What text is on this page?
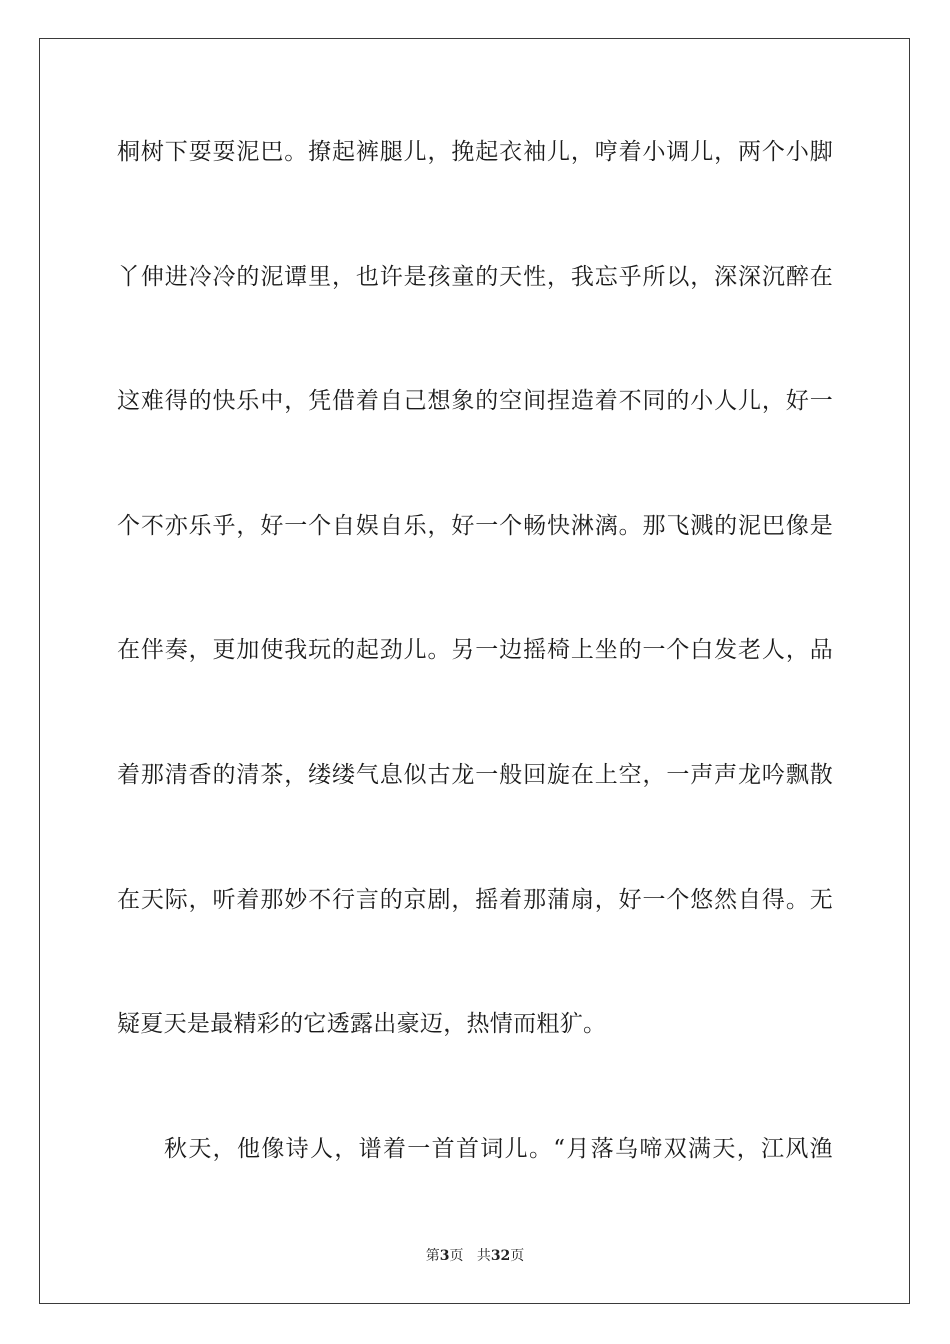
桐树下耍耍泥巴。撩起裤腿儿，挽起衣袖儿，哼着小调儿，两个小脚
丫伸进冷冷的泥谭里，也许是孩童的天性，我忘乎所以，深深沉醉在
这难得的快乐中，凭借着自己想象的空间捏造着不同的小人儿，好一
个不亦乐乎，好一个自娱自乐，好一个畅快淋漓。那飞溅的泥巴像是
在伴奏，更加使我玩的起劲儿。另一边摇椅上坐的一个白发老人，品
着那清香的清茶，缕缕气息似古龙一般回旋在上空，一声声龙吟飘散
在天际，听着那妙不行言的京剧，摇着那蒲扇，好一个悠然自得。无
疑夏天是最精彩的它透露出豪迈，热情而粗犷。
秋天，他像诗人，谱着一首首词儿。“月落乌啼双满天，江风渔
第3页 共32页
